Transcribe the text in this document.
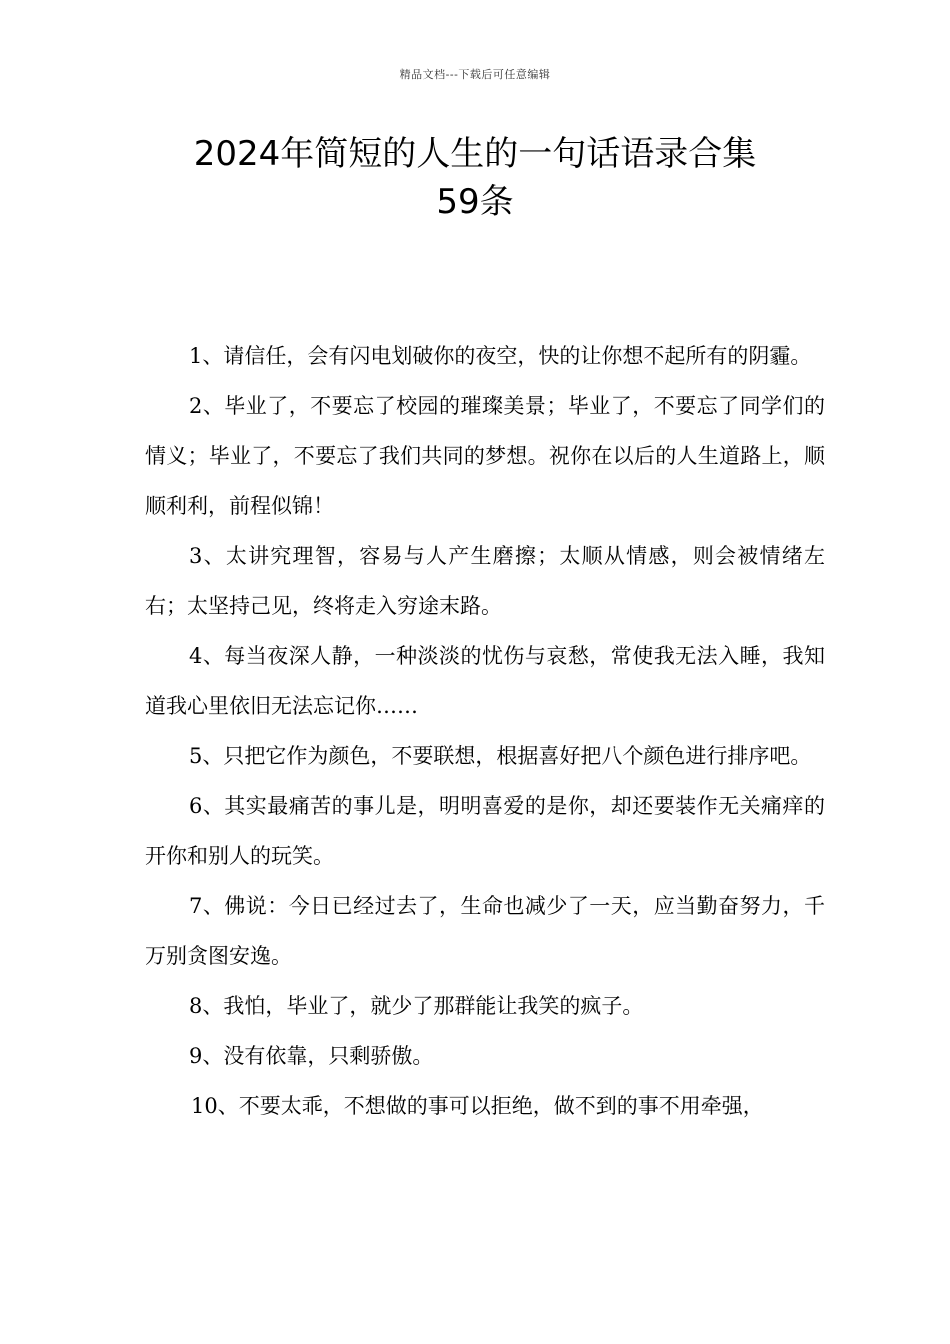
精品文档---下载后可任意编辑
2024年简短的人生的一句话语录合集
59条

1、请信任，会有闪电划破你的夜空，快的让你想不起所有的阴霾。

2、毕业了，不要忘了校园的璀璨美景；毕业了，不要忘了同学们的情义；毕业了，不要忘了我们共同的梦想。祝你在以后的人生道路上，顺顺利利，前程似锦！

3、太讲究理智，容易与人产生磨擦；太顺从情感，则会被情绪左右；太坚持己见，终将走入穷途末路。

4、每当夜深人静，一种淡淡的忧伤与哀愁，常使我无法入睡，我知道我心里依旧无法忘记你……

5、只把它作为颜色，不要联想，根据喜好把八个颜色进行排序吧。

6、其实最痛苦的事儿是，明明喜爱的是你，却还要装作无关痛痒的开你和别人的玩笑。

7、佛说：今日已经过去了，生命也减少了一天，应当勤奋努力，千万别贪图安逸。

8、我怕，毕业了，就少了那群能让我笑的疯子。

9、没有依靠，只剩骄傲。

10、不要太乖，不想做的事可以拒绝，做不到的事不用牵强，
